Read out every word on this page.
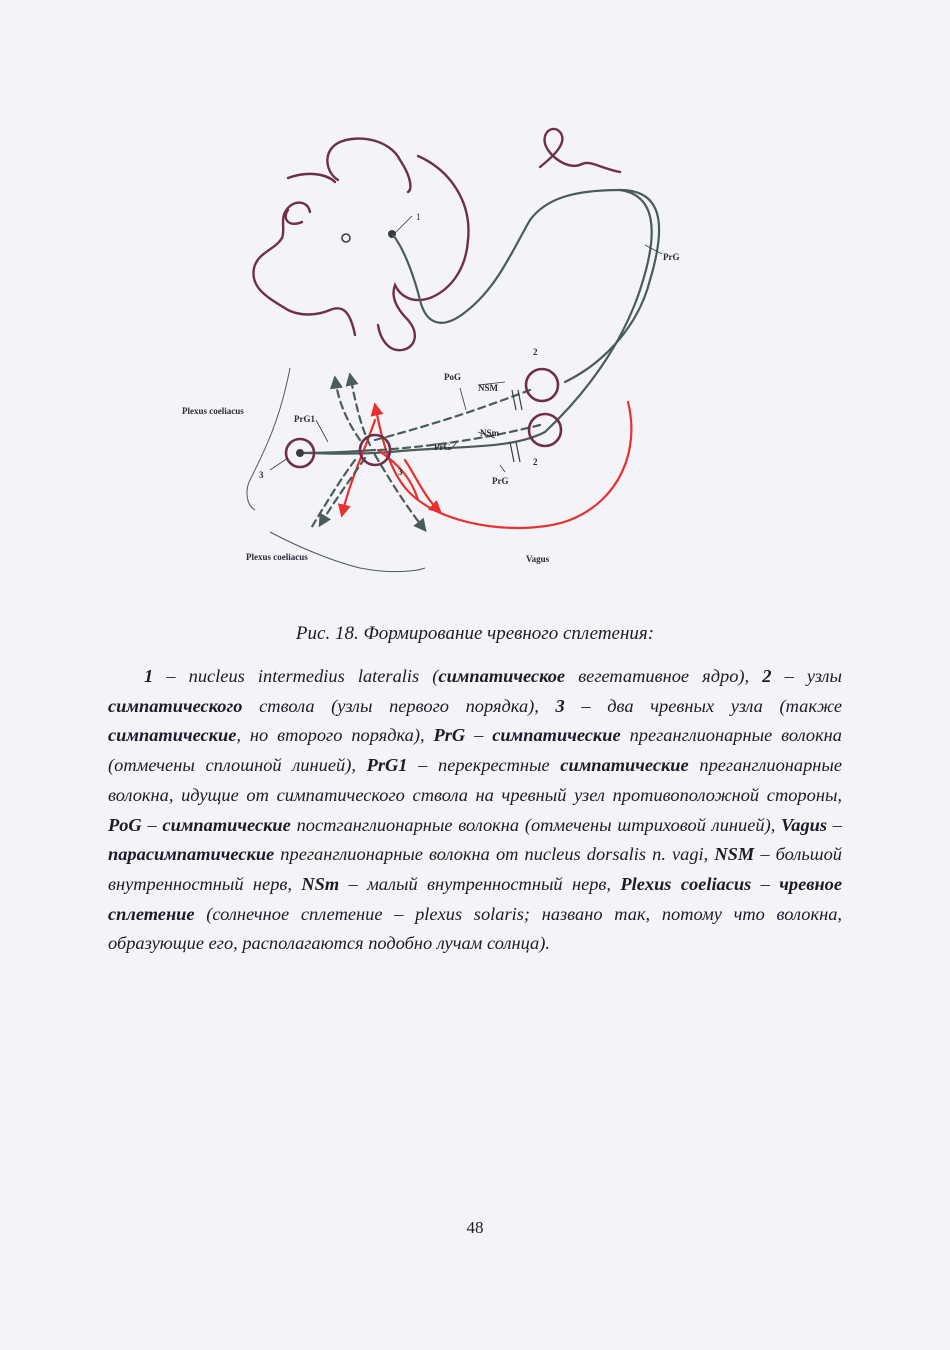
1
PrG
2
PoG
NSM
NSm
PrG
2
PrG
Plexus coeliacus
PrG1
3	3
Plexus coeliacus	Vagus
Рис. 18. Формирование чревного сплетения:
1 – nucleus intermedius lateralis (симпатическое вегетативное ядро), 2 – узлы симпатического ствола (узлы первого порядка), 3 – два чревных узла (также симпатические, но второго порядка), PrG – симпатические преганглионарные волокна (отмечены сплошной линией), PrG1 – перекрестные симпатические преганглионарные волокна, идущие от симпатического ствола на чревный узел противоположной стороны, PoG – симпатические постганглионарные волокна (отмечены штриховой линией), Vagus – парасимпатические преганглионарные волокна от nucleus dorsalis n. vagi, NSM – большой внутренностный нерв, NSm – малый внутренностный нерв, Plexus coeliacus – чревное сплетение (солнечное сплетение – plexus solaris; названо так, потому что волокна, образующие его, располагаются подобно лучам солнца).
48
